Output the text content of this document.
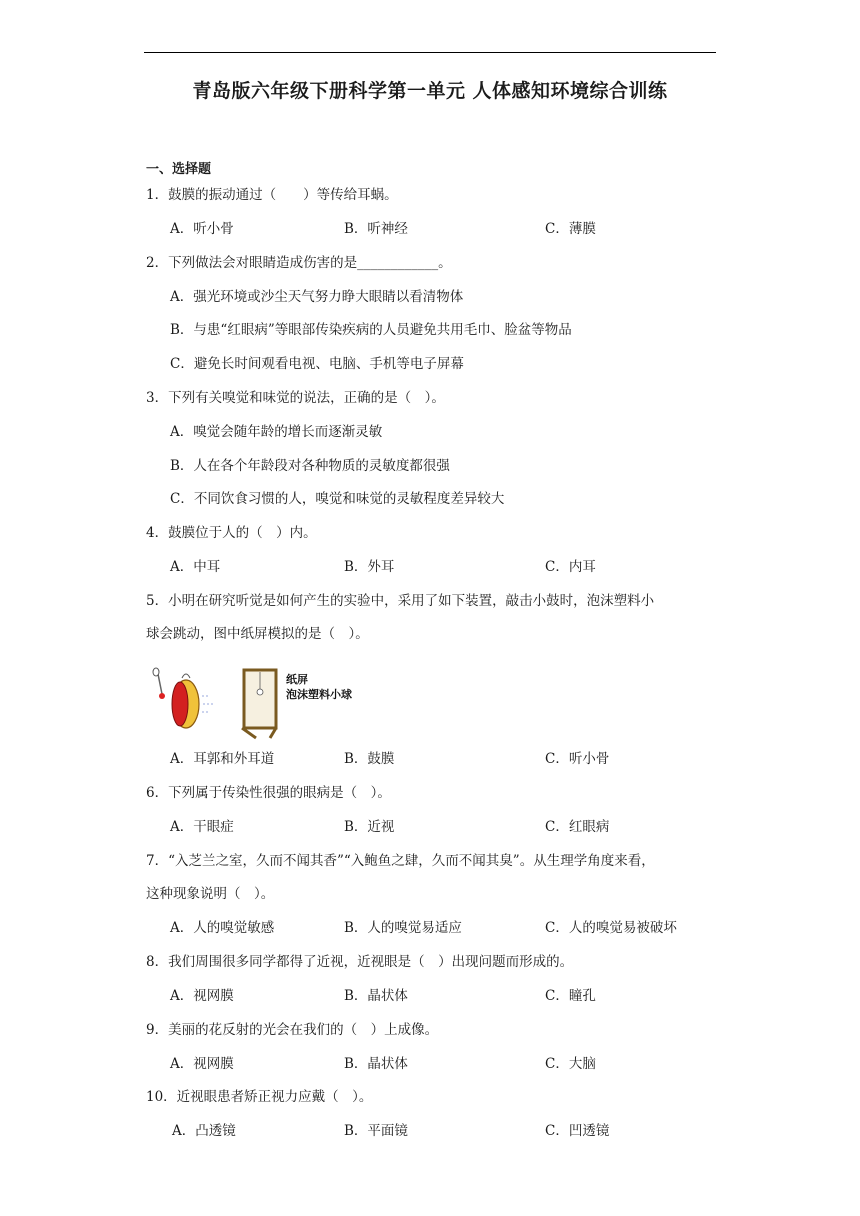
青岛版六年级下册科学第一单元 人体感知环境综合训练
一、选择题
1．鼓膜的振动通过（　　）等传给耳蜗。
A．听小骨	B．听神经	C．薄膜
2．下列做法会对眼睛造成伤害的是____________。
A．强光环境或沙尘天气努力睁大眼睛以看清物体
B．与患“红眼病”等眼部传染疾病的人员避免共用毛巾、脸盆等物品
C．避免长时间观看电视、电脑、手机等电子屏幕
3．下列有关嗅觉和味觉的说法，正确的是（　）。
A．嗅觉会随年龄的增长而逐渐灵敏
B．人在各个年龄段对各种物质的灵敏度都很强
C．不同饮食习惯的人，嗅觉和味觉的灵敏程度差异较大
4．鼓膜位于人的（　）内。
A．中耳	B．外耳	C．内耳
5．小明在研究听觉是如何产生的实验中，采用了如下装置，敲击小鼓时，泡沫塑料小
球会跳动，图中纸屏模拟的是（　）。
纸屏
泡沫塑料小球
A．耳郭和外耳道	B．鼓膜	C．听小骨
6．下列属于传染性很强的眼病是（　）。
A．干眼症	B．近视	C．红眼病
7．“入芝兰之室，久而不闻其香”“入鲍鱼之肆，久而不闻其臭”。从生理学角度来看，
这种现象说明（　）。
A．人的嗅觉敏感	B．人的嗅觉易适应	C．人的嗅觉易被破坏
8．我们周围很多同学都得了近视，近视眼是（　）出现问题而形成的。
A．视网膜	B．晶状体	C．瞳孔
9．美丽的花反射的光会在我们的（　）上成像。
A．视网膜	B．晶状体	C．大脑
10．近视眼患者矫正视力应戴（　）。
A．凸透镜	B．平面镜	C．凹透镜
